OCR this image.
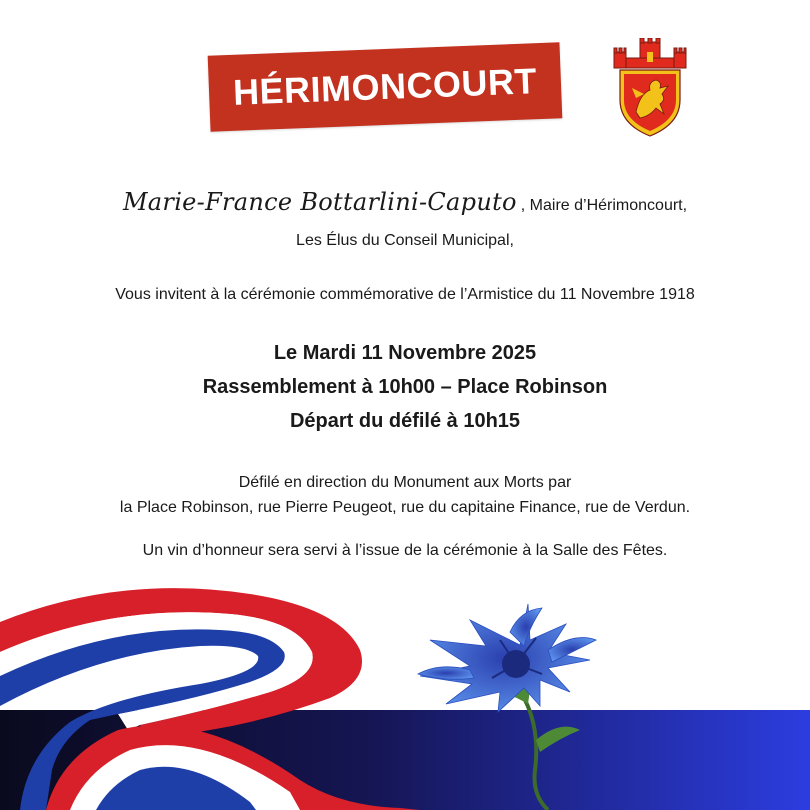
HÉRIMONCOURT
Marie-France Bottarlini-Caputo , Maire d’Hérimoncourt,
Les Élus du Conseil Municipal,
Vous invitent à la cérémonie commémorative de l’Armistice du 11 Novembre 1918
Le Mardi 11 Novembre 2025
Rassemblement à 10h00 – Place Robinson
Départ du défilé à 10h15
Défilé en direction du Monument aux Morts par
la Place Robinson, rue Pierre Peugeot, rue du capitaine Finance, rue de Verdun.
Un vin d’honneur sera servi à l’issue de la cérémonie à la Salle des Fêtes.
